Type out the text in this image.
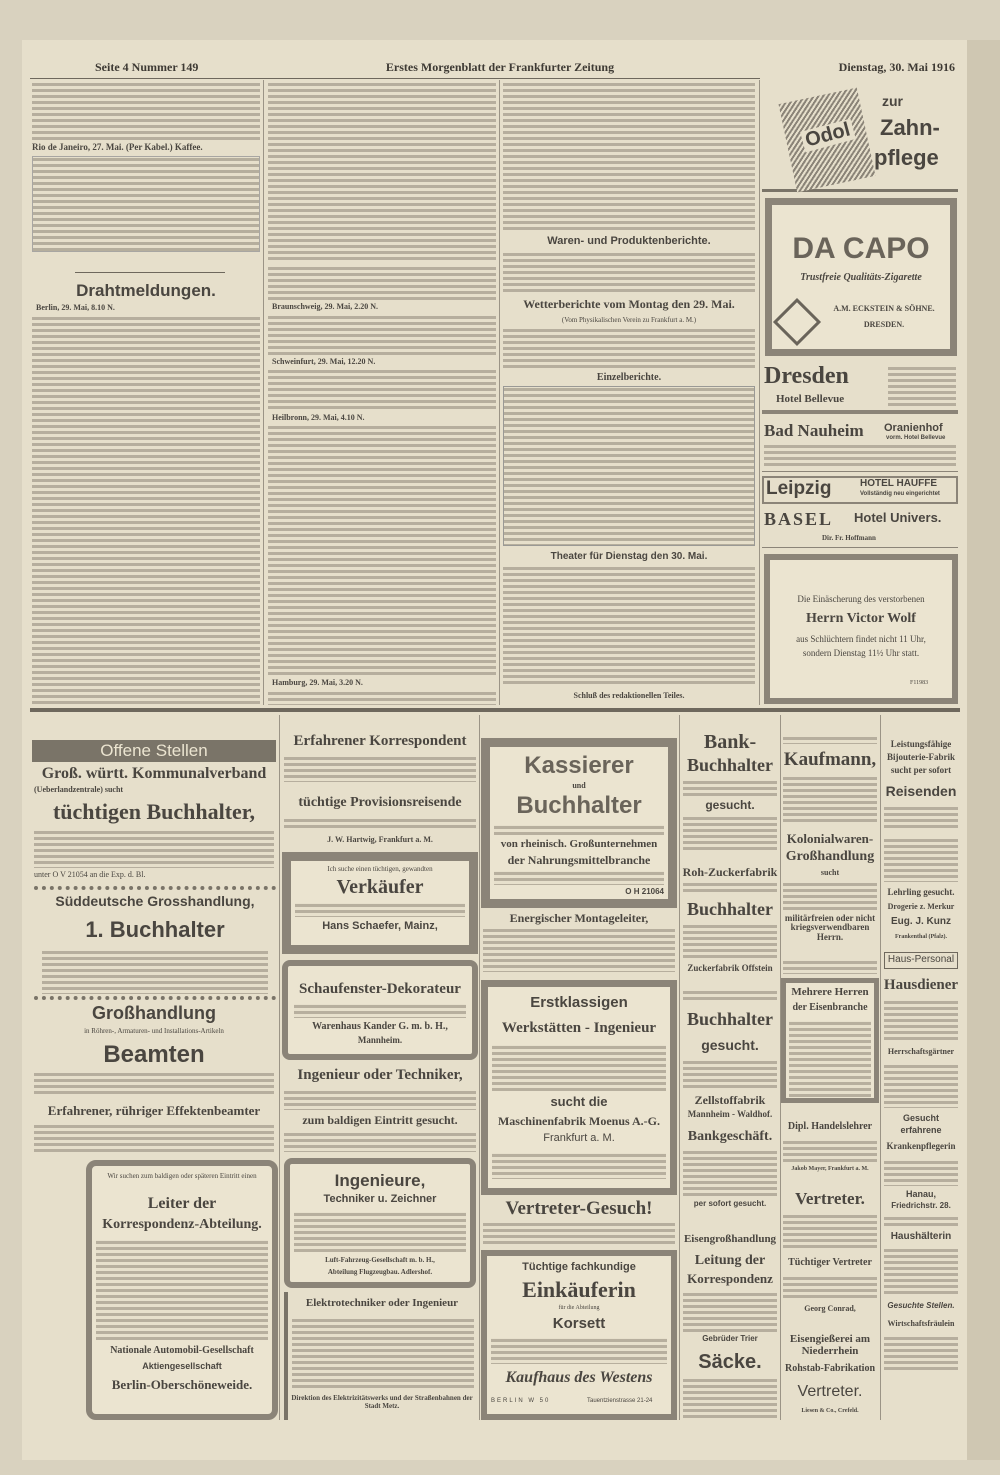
Seite 4 Nummer 149	Erstes Morgenblatt der Frankfurter Zeitung	Dienstag, 30. Mai 1916
Rio de Janeiro, 27. Mai. (Per Kabel.) Kaffee.
Drahtmeldungen.
Berlin, 29. Mai, 8.10 N.	Braunschweig, 29. Mai, 2.20 N.
Schweinfurt, 29. Mai, 12.20 N.
Heilbronn, 29. Mai, 4.10 N.
Hamburg, 29. Mai, 3.20 N.
Waren- und Produktenberichte.
Wetterberichte vom Montag den 29. Mai.
(Vom Physikalischen Verein zu Frankfurt a. M.)
Einzelberichte.
Theater für Dienstag den 30. Mai.
Schluß des redaktionellen Teiles.
Odol
zur
Zahn-
pflege
DA CAPO
Trustfreie Qualitäts-Zigarette
A.M. ECKSTEIN & SÖHNE.
DRESDEN.
Dresden
Hotel Bellevue
Bad Nauheim Oranienhof
vorm. Hotel Bellevue
Leipzig	HOTEL HAUFFE
Vollständig neu eingerichtet
BASEL Hotel Univers.
Dir. Fr. Hoffmann
Die Einäscherung des verstorbenen
Herrn Victor Wolf
aus Schlüchtern findet nicht 11 Uhr,
sondern Dienstag 11½ Uhr statt.
F11983
Offene Stellen
Groß. württ. Kommunalverband
(Ueberlandzentrale) sucht
tüchtigen Buchhalter,
unter O V 21054 an die Exp. d. Bl.
Süddeutsche Grosshandlung,
1. Buchhalter
Großhandlung
in Röhren-, Armaturen- und Installations-Artikeln
Beamten
Erfahrener, rühriger Effektenbeamter
Wir suchen zum baldigen oder späteren Eintritt einen
Leiter der
Korrespondenz-Abteilung.
Nationale Automobil-Gesellschaft
Aktiengesellschaft
Berlin-Oberschöneweide.
Erfahrener Korrespondent
tüchtige Provisionsreisende
J. W. Hartwig, Frankfurt a. M.
Ich suche einen tüchtigen, gewandten
Verkäufer
Hans Schaefer, Mainz,
Schaufenster-Dekorateur
Warenhaus Kander G. m. b. H.,
Mannheim.
Ingenieur oder Techniker,
zum baldigen Eintritt gesucht.
Ingenieure,
Techniker u. Zeichner
Luft-Fahrzeug-Gesellschaft m. b. H.,
Abteilung Flugzeugbau. Adlershof.
Elektrotechniker oder Ingenieur
Direktion des Elektrizitätswerks und der Straßenbahnen der Stadt Metz.
Kassierer
und
Buchhalter
von rheinisch. Großunternehmen
der Nahrungsmittelbranche
O H 21064
Energischer Montageleiter,
Erstklassigen
Werkstätten - Ingenieur
sucht die
Maschinenfabrik Moenus A.-G.
Frankfurt a. M.
Vertreter-Gesuch!
Tüchtige fachkundige
Einkäuferin
für die Abteilung
Korsett
Kaufhaus des Westens
BERLIN W 50	Tauentzienstrasse 21-24
Bank-
Buchhalter
gesucht.
Roh-Zuckerfabrik
Buchhalter
Zuckerfabrik Offstein
Buchhalter
gesucht.
Zellstoffabrik
Mannheim - Waldhof.
Bankgeschäft.
per sofort gesucht.
Eisengroßhandlung
Leitung der
Korrespondenz
Gebrüder Trier
Säcke.
Kaufmann,
Kolonialwaren-
Großhandlung
sucht
militärfreien oder nicht kriegsverwendbaren Herrn.
Mehrere Herren
der Eisenbranche
Dipl. Handelslehrer
Jakob Mayer, Frankfurt a. M.
Vertreter.
Tüchtiger Vertreter
Georg Conrad,
Eisengießerei am Niederrhein
Rohstab-Fabrikation
Vertreter.
Liesen & Co., Crefeld.
Leistungsfähige
Bijouterie-Fabrik
sucht per sofort
Reisenden
Lehrling gesucht.
Drogerie z. Merkur
Eug. J. Kunz
Frankenthal (Pfalz).
Haus-Personal
Hausdiener
Herrschaftsgärtner
Gesucht
erfahrene
Krankenpflegerin
Hanau,
Friedrichstr. 28.
Haushälterin
Gesuchte Stellen.
Wirtschaftsfräulein
